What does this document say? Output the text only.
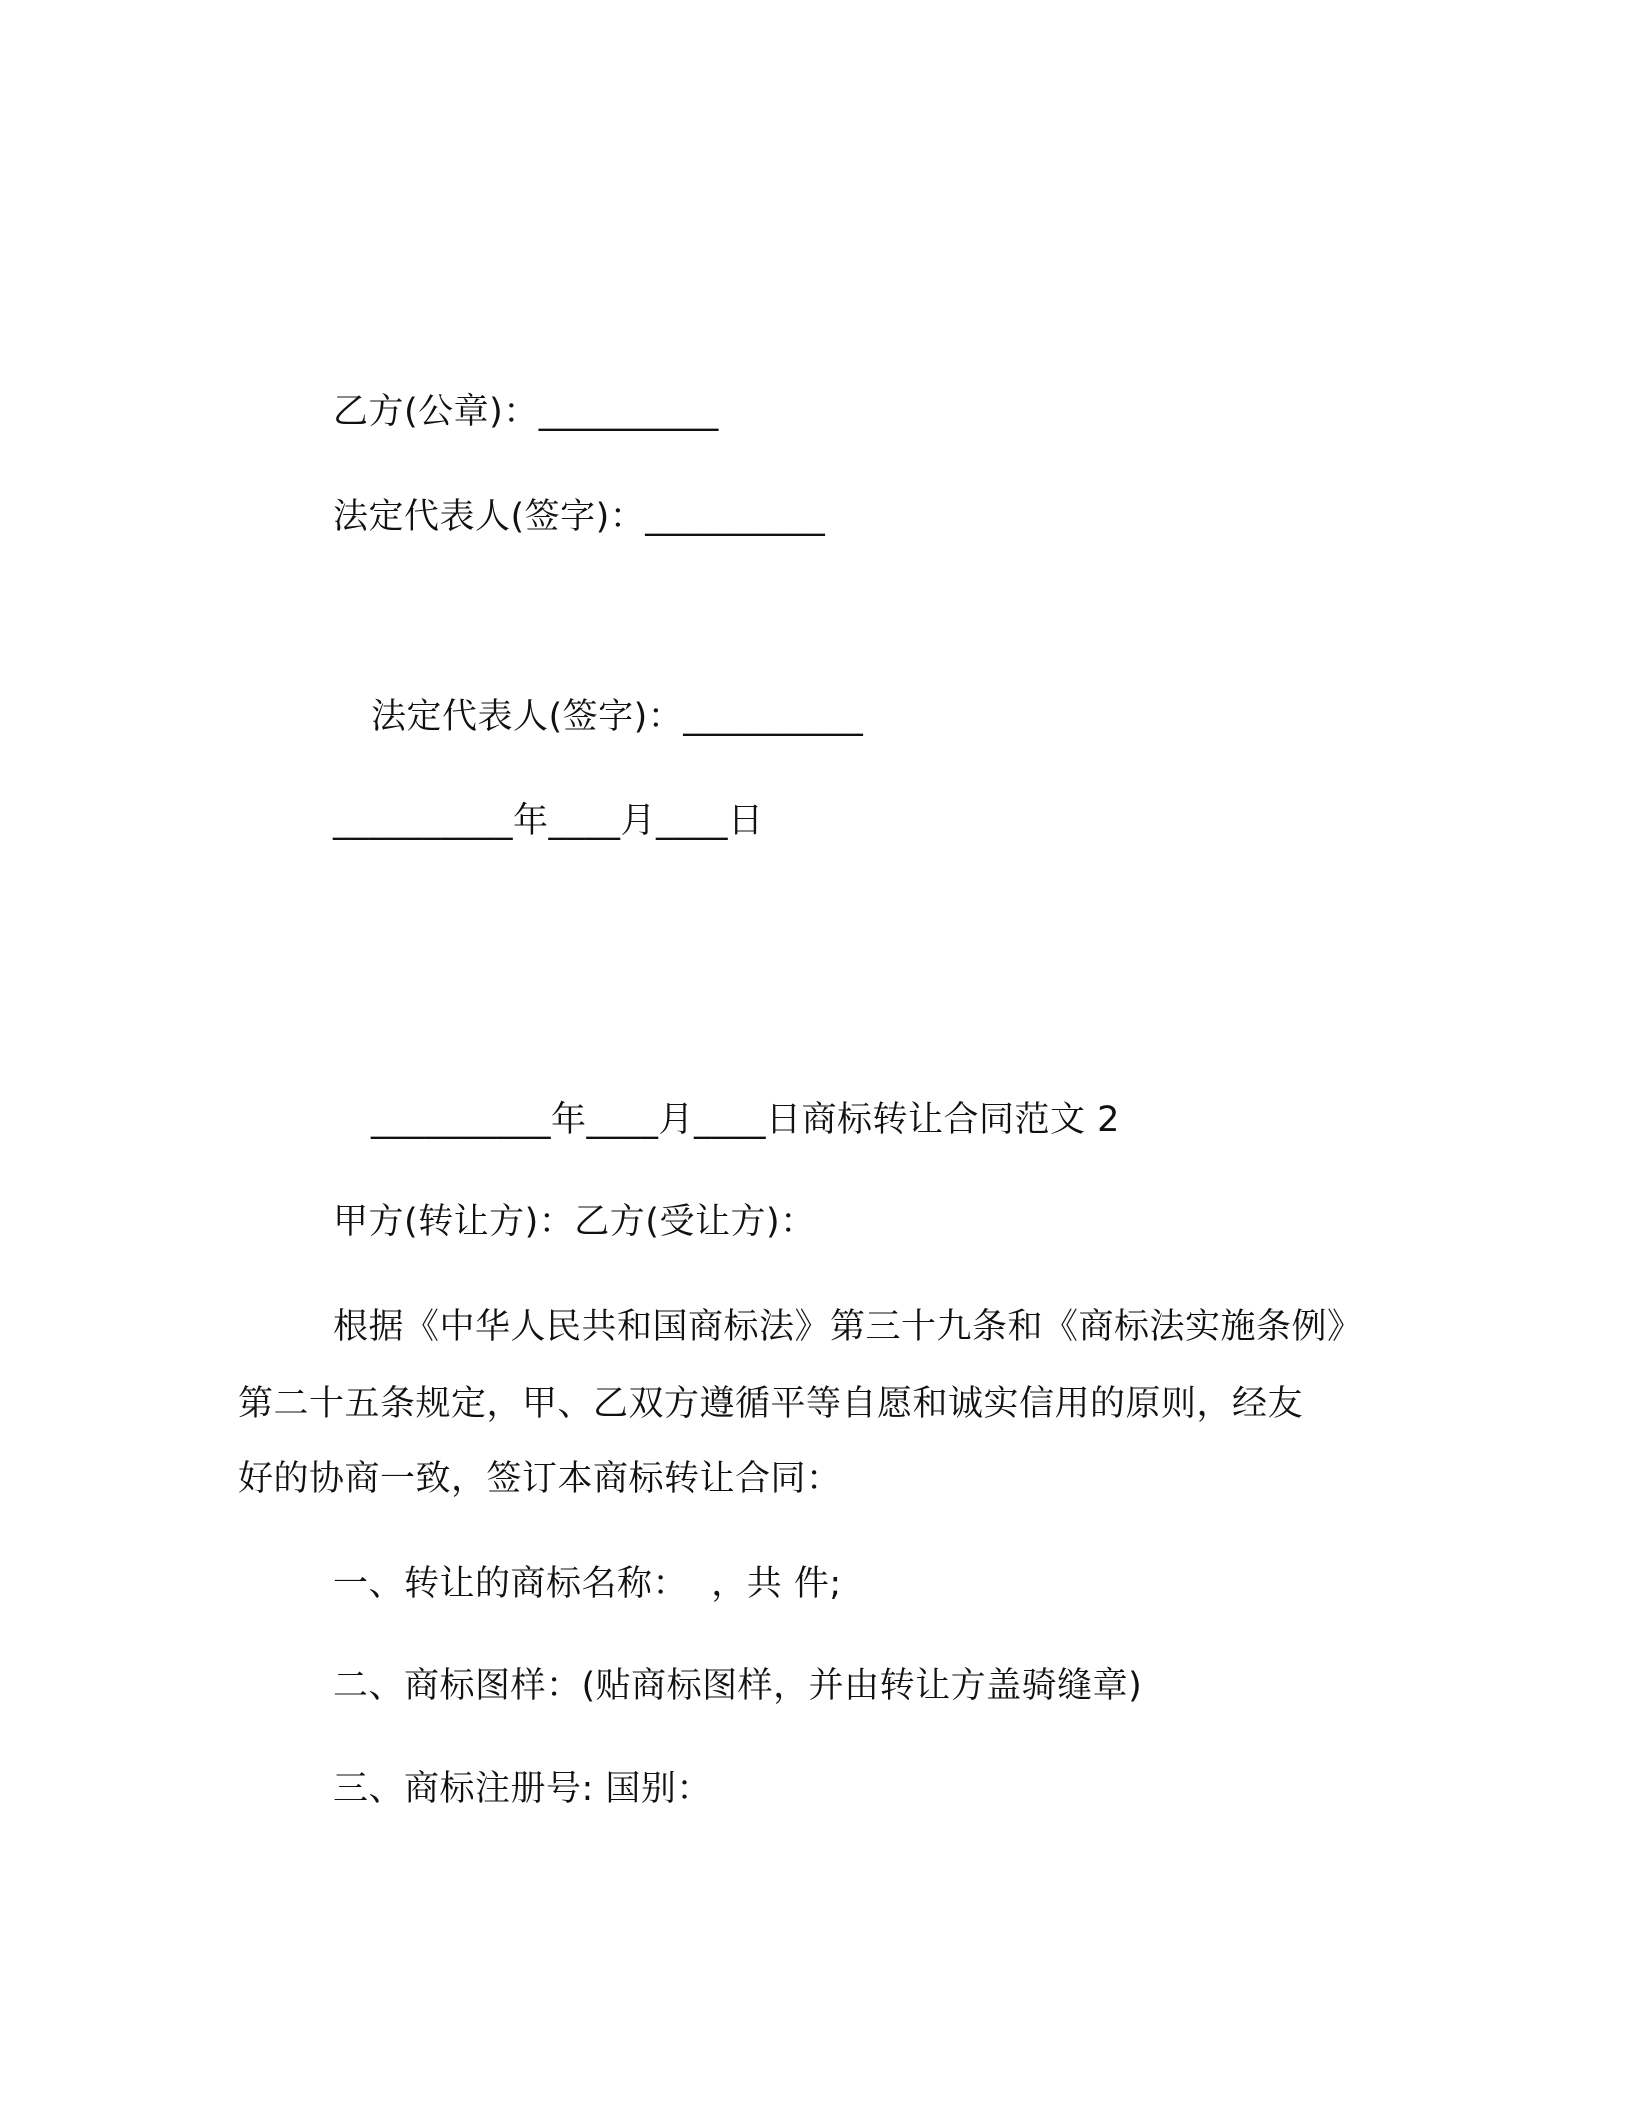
乙方(公章)：__________
法定代表人(签字)：__________
法定代表人(签字)：__________
__________年____月____日
__________年____月____日商标转让合同范文 2
甲方(转让方)：乙方(受让方)：
根据《中华人民共和国商标法》第三十九条和《商标法实施条例》
第二十五条规定，甲、乙双方遵循平等自愿和诚实信用的原则，经友
好的协商一致，签订本商标转让合同：
一、转让的商标名称：  ，共 件;
二、商标图样：(贴商标图样，并由转让方盖骑缝章)
三、商标注册号: 国别：
